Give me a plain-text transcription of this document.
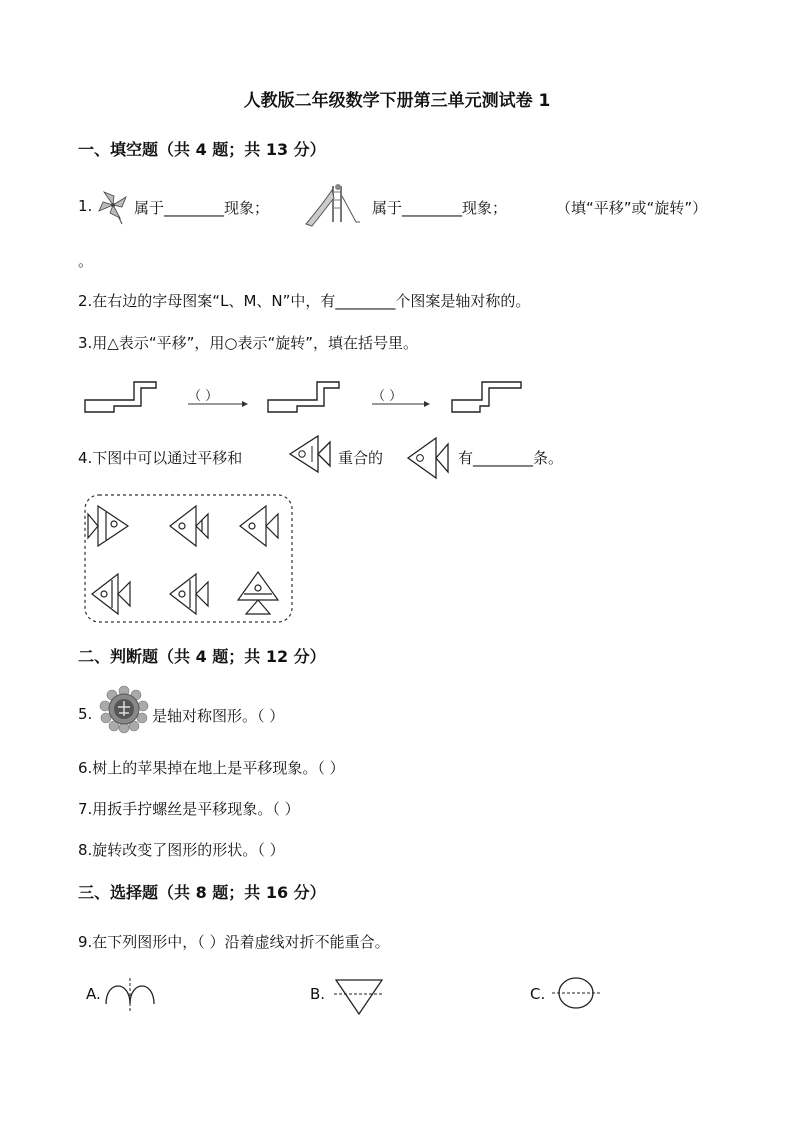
人教版二年级数学下册第三单元测试卷 1
一、填空题（共 4 题；共 13 分）
1.	属于________现象；	属于________现象；	（填“平移”或“旋转”）
。
2.在右边的字母图案“L、M、N”中，有________个图案是轴对称的。
3.用△表示“平移”，用○表示“旋转”，填在括号里。
（ ）	（ ）
4.下图中可以通过平移和	重合的	有________条。
二、判断题（共 4 题；共 12 分）
5.	是轴对称图形。（ ）
6.树上的苹果掉在地上是平移现象。（ ）
7.用扳手拧螺丝是平移现象。（ ）
8.旋转改变了图形的形状。（ ）
三、选择题（共 8 题；共 16 分）
9.在下列图形中，（ ）沿着虚线对折不能重合。
A.	B.	C.
